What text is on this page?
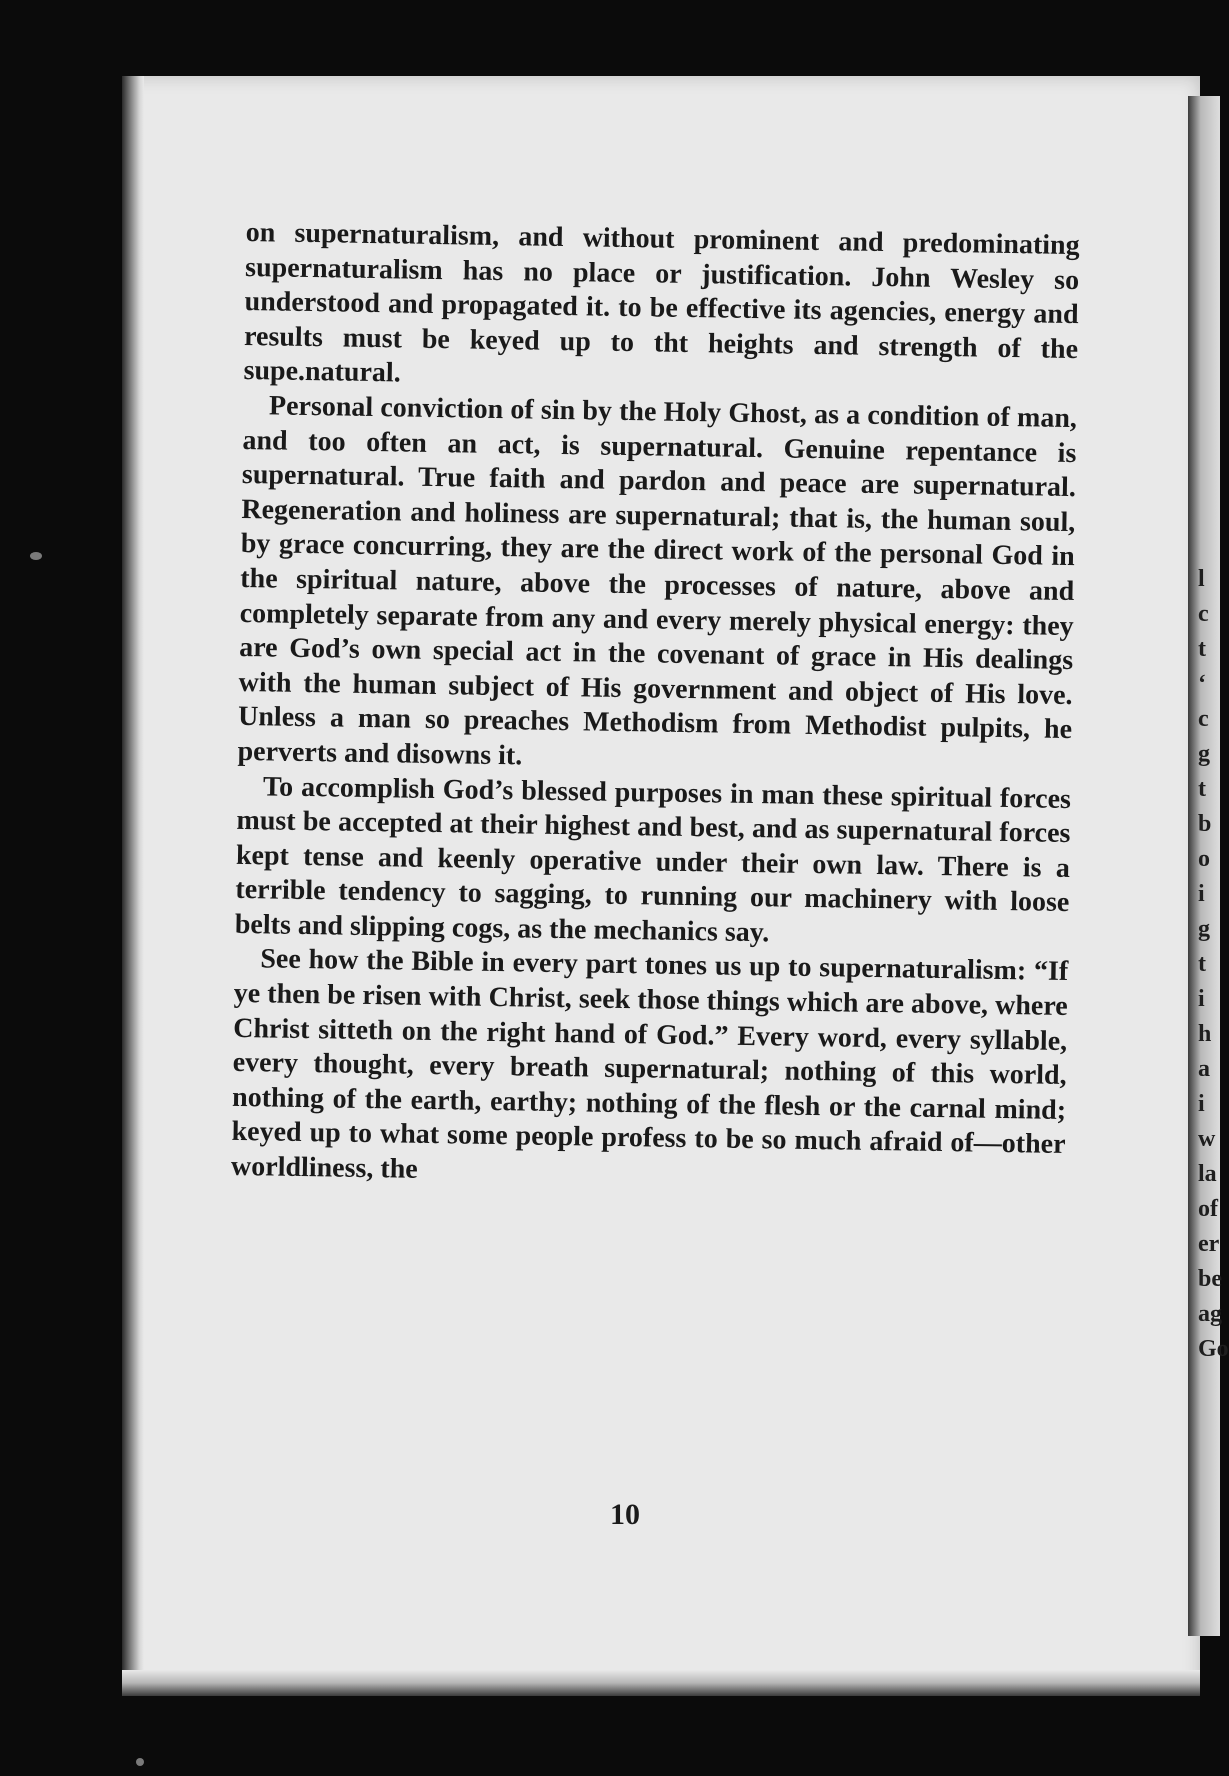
l
c
t
‘
c
g
t
b
o
i
g
t
i
h
a
i
w
la
of
er
be
ag
Go

on supernaturalism, and without prominent and predominating supernaturalism has no place or justification. John Wesley so understood and propagated it. to be effective its agencies, energy and results must be keyed up to tht heights and strength of the supe.natural.

Personal conviction of sin by the Holy Ghost, as a condition of man, and too often an act, is supernatural. Genuine repentance is supernatural. True faith and pardon and peace are supernatural. Regeneration and holiness are supernatural; that is, the human soul, by grace concurring, they are the direct work of the personal God in the spiritual nature, above the processes of nature, above and completely separate from any and every merely physical energy: they are God’s own special act in the covenant of grace in His dealings with the human subject of His government and object of His love. Unless a man so preaches Methodism from Methodist pulpits, he perverts and disowns it.

To accomplish God’s blessed purposes in man these spiritual forces must be accepted at their highest and best, and as supernatural forces kept tense and keenly operative under their own law. There is a terrible tendency to sagging, to running our machinery with loose belts and slipping cogs, as the mechanics say.

See how the Bible in every part tones us up to supernaturalism: “If ye then be risen with Christ, seek those things which are above, where Christ sitteth on the right hand of God.” Every word, every syllable, every thought, every breath supernatural; nothing of this world, nothing of the earth, earthy; nothing of the flesh or the carnal mind; keyed up to what some people profess to be so much afraid of—other worldliness, the

10
